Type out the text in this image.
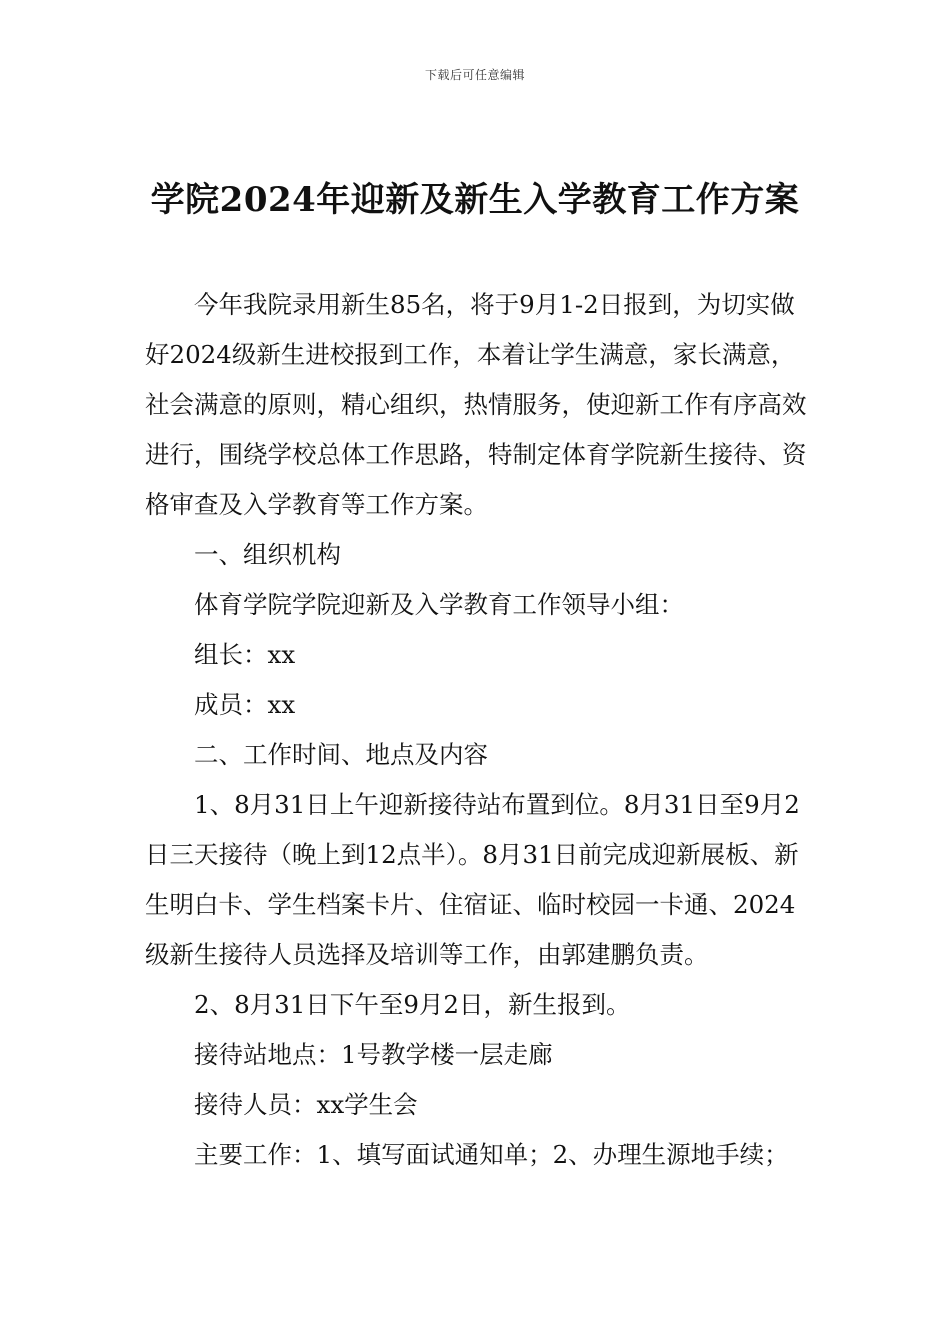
下载后可任意编辑
学院2024年迎新及新生入学教育工作方案

今年我院录用新生85名，将于9月1-2日报到，为切实做好2024级新生进校报到工作，本着让学生满意，家长满意，社会满意的原则，精心组织，热情服务，使迎新工作有序高效进行，围绕学校总体工作思路，特制定体育学院新生接待、资格审查及入学教育等工作方案。

一、组织机构

体育学院学院迎新及入学教育工作领导小组：

组长：xx

成员：xx

二、工作时间、地点及内容

1、8月31日上午迎新接待站布置到位。8月31日至9月2日三天接待（晚上到12点半）。8月31日前完成迎新展板、新生明白卡、学生档案卡片、住宿证、临时校园一卡通、2024级新生接待人员选择及培训等工作，由郭建鹏负责。

2、8月31日下午至9月2日，新生报到。

接待站地点：1号教学楼一层走廊

接待人员：xx学生会

主要工作：1、填写面试通知单；2、办理生源地手续；
